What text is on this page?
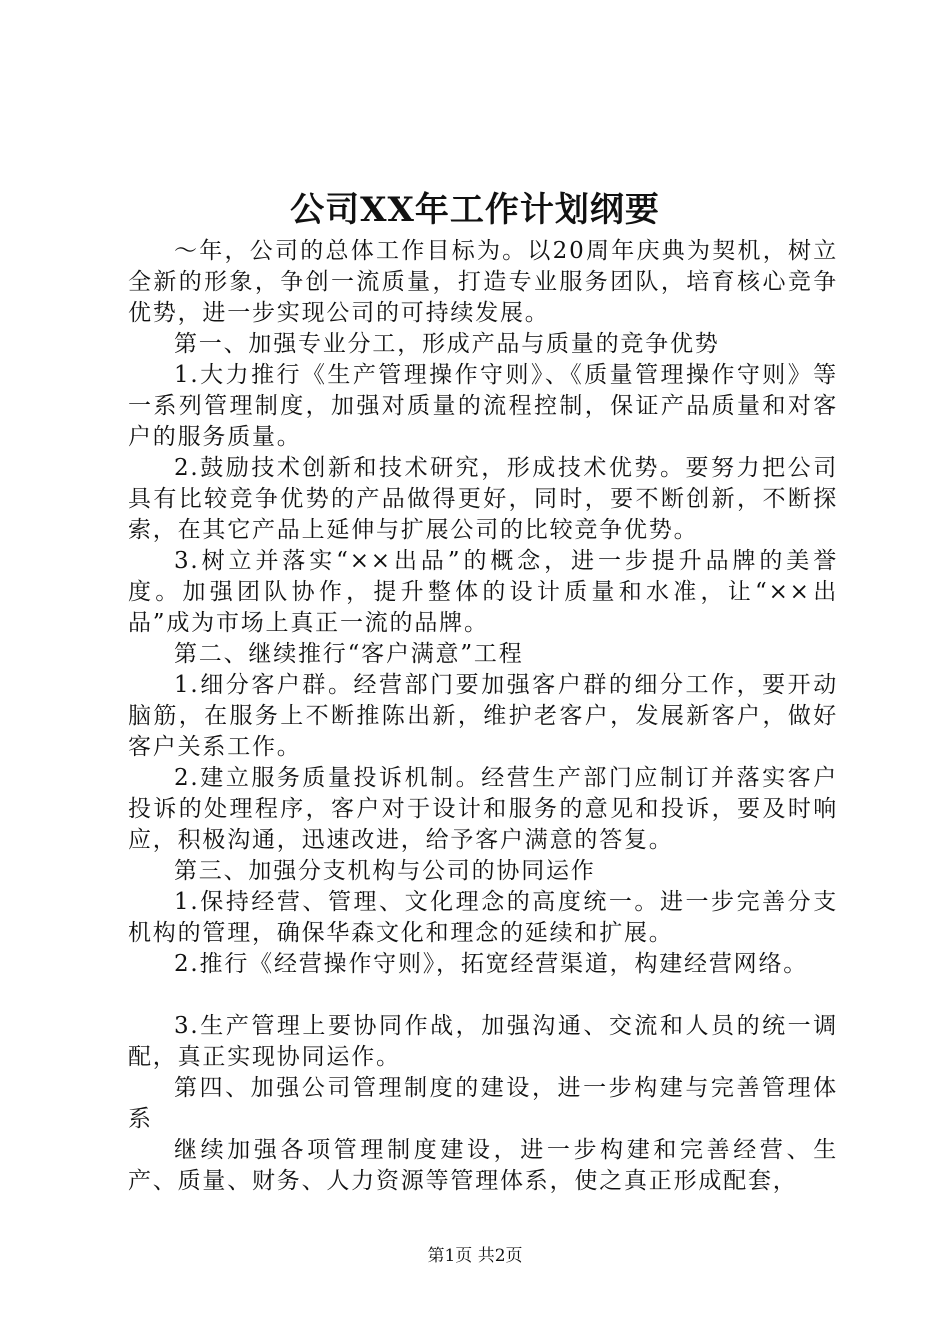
公司XX年工作计划纲要

～年，公司的总体工作目标为。以20周年庆典为契机，树立全新的形象，争创一流质量，打造专业服务团队，培育核心竞争优势，进一步实现公司的可持续发展。

第一、加强专业分工，形成产品与质量的竞争优势

1.大力推行《生产管理操作守则》、《质量管理操作守则》等一系列管理制度，加强对质量的流程控制，保证产品质量和对客户的服务质量。

2.鼓励技术创新和技术研究，形成技术优势。要努力把公司具有比较竞争优势的产品做得更好，同时，要不断创新，不断探索，在其它产品上延伸与扩展公司的比较竞争优势。

3.树立并落实“××出品”的概念，进一步提升品牌的美誉度。加强团队协作，提升整体的设计质量和水准，让“××出品”成为市场上真正一流的品牌。

第二、继续推行“客户满意”工程

1.细分客户群。经营部门要加强客户群的细分工作，要开动脑筋，在服务上不断推陈出新，维护老客户，发展新客户，做好客户关系工作。

2.建立服务质量投诉机制。经营生产部门应制订并落实客户投诉的处理程序，客户对于设计和服务的意见和投诉，要及时响应，积极沟通，迅速改进，给予客户满意的答复。

第三、加强分支机构与公司的协同运作

1.保持经营、管理、文化理念的高度统一。进一步完善分支机构的管理，确保华森文化和理念的延续和扩展。

2.推行《经营操作守则》，拓宽经营渠道，构建经营网络。

3.生产管理上要协同作战，加强沟通、交流和人员的统一调配，真正实现协同运作。

第四、加强公司管理制度的建设，进一步构建与完善管理体系

继续加强各项管理制度建设，进一步构建和完善经营、生产、质量、财务、人力资源等管理体系，使之真正形成配套，

第1页 共2页
